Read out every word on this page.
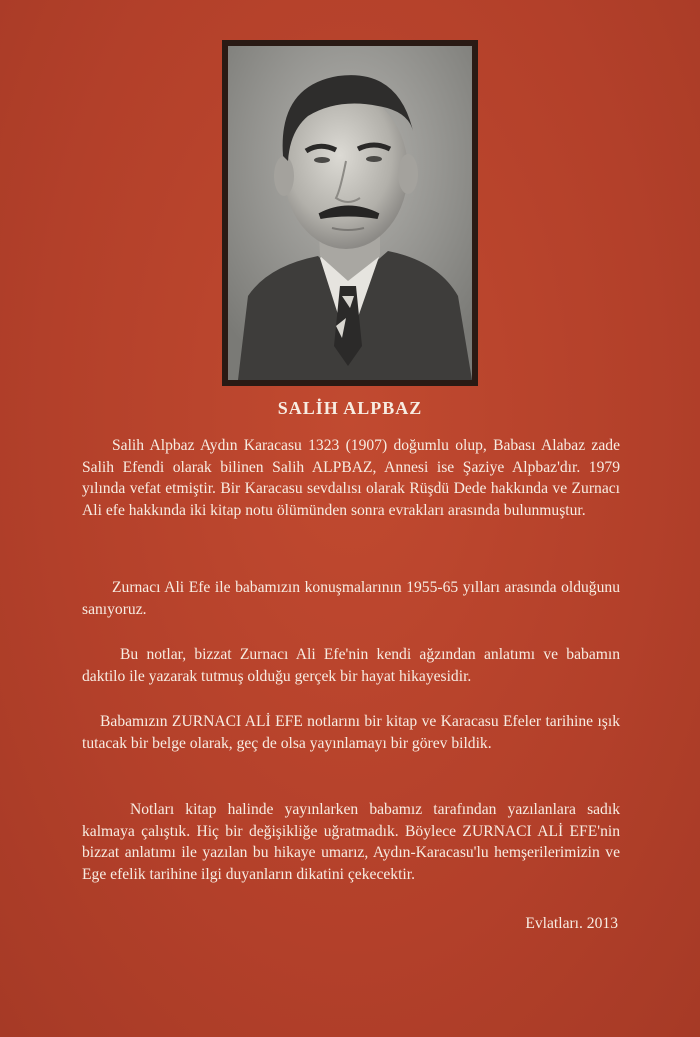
SALİH ALPBAZ

Salih Alpbaz Aydın Karacasu 1323 (1907) doğumlu olup, Babası Alabaz zade Salih Efendi olarak bilinen Salih ALPBAZ, Annesi ise Şaziye Alpbaz'dır. 1979 yılında vefat etmiştir. Bir Karacasu sevdalısı olarak Rüşdü Dede hakkında ve Zurnacı Ali efe hakkında iki kitap notu ölümünden sonra evrakları arasında bulunmuştur.

Zurnacı Ali Efe ile babamızın konuşmalarının 1955-65 yılları arasında olduğunu sanıyoruz.

Bu notlar, bizzat Zurnacı Ali Efe'nin kendi ağzından anlatımı ve babamın daktilo ile yazarak tutmuş olduğu gerçek bir hayat hikayesidir.

Babamızın ZURNACI ALİ EFE notlarını bir kitap ve Karacasu Efeler tarihine ışık tutacak bir belge olarak, geç de olsa yayınlamayı bir görev bildik.

Notları kitap halinde yayınlarken babamız tarafından yazılanlara sadık kalmaya çalıştık. Hiç bir değişikliğe uğratmadık. Böylece ZURNACI ALİ EFE'nin bizzat anlatımı ile yazılan bu hikaye umarız, Aydın-Karacasu'lu hemşerilerimizin ve Ege efelik tarihine ilgi duyanların dikatini çekecektir.

Evlatları. 2013
